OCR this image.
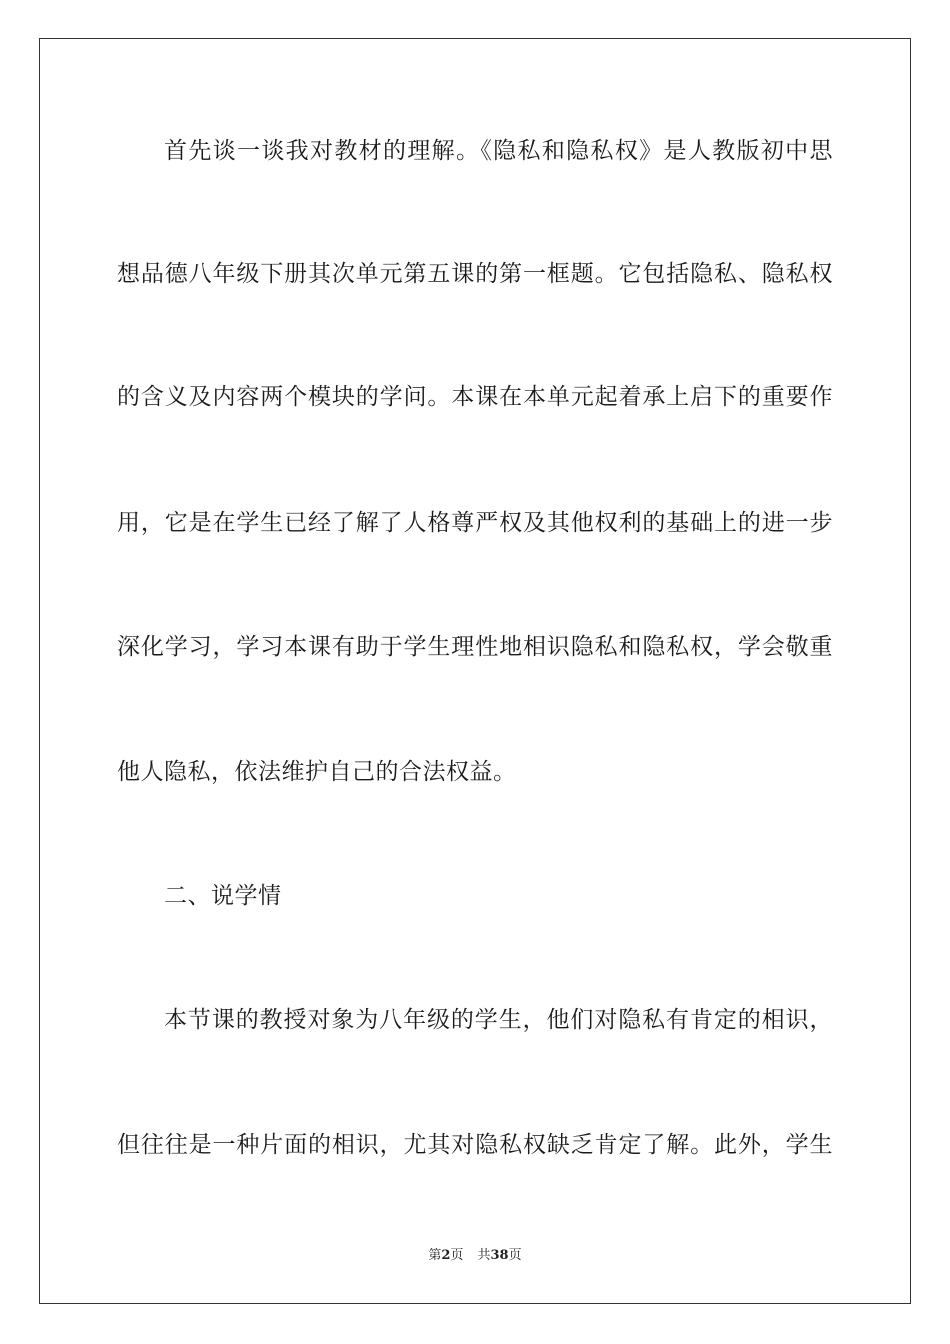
首先谈一谈我对教材的理解。《隐私和隐私权》是人教版初中思
想品德八年级下册其次单元第五课的第一框题。它包括隐私、隐私权
的含义及内容两个模块的学问。本课在本单元起着承上启下的重要作
用，它是在学生已经了解了人格尊严权及其他权利的基础上的进一步
深化学习，学习本课有助于学生理性地相识隐私和隐私权，学会敬重
他人隐私，依法维护自己的合法权益。
二、说学情
本节课的教授对象为八年级的学生，他们对隐私有肯定的相识，
但往往是一种片面的相识，尤其对隐私权缺乏肯定了解。此外，学生
第2页 共38页
